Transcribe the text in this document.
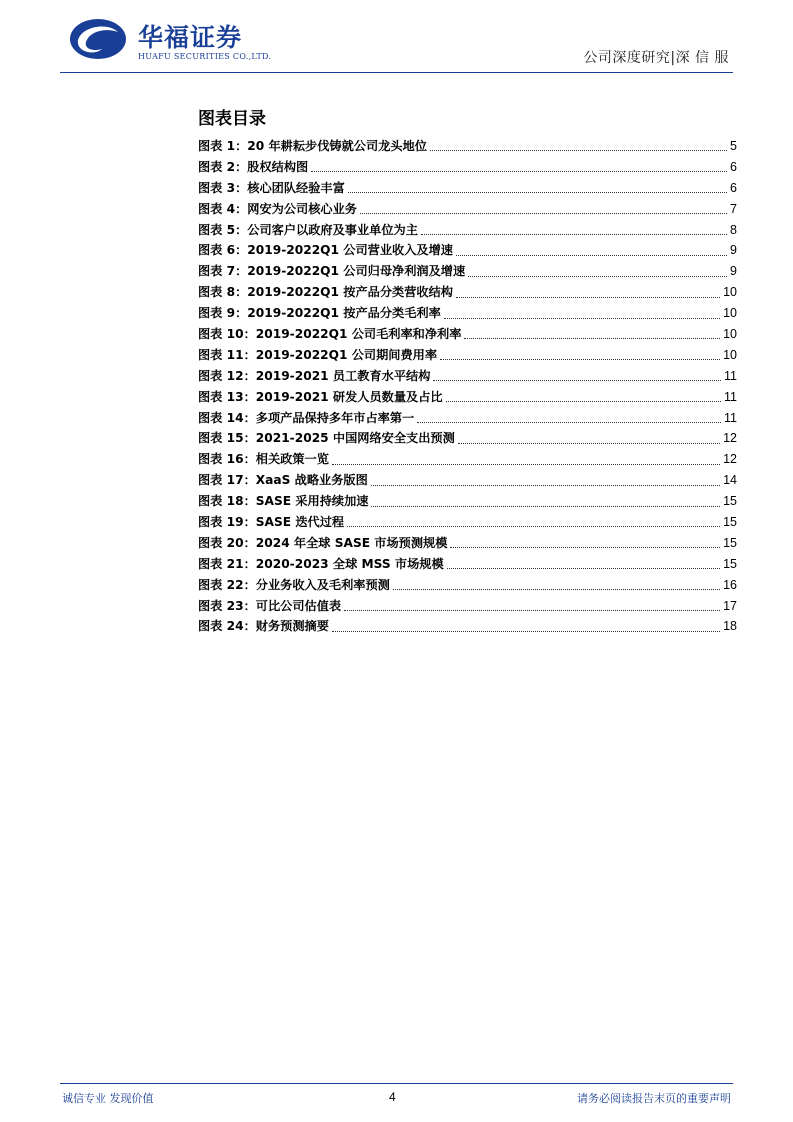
华福证券
HUAFU SECURITIES CO.,LTD.	公司深度研究|深 信 服
图表目录
图表 1：20 年耕耘步伐铸就公司龙头地位	5
图表 2：股权结构图	6
图表 3：核心团队经验丰富	6
图表 4：网安为公司核心业务	7
图表 5：公司客户以政府及事业单位为主	8
图表 6：2019-2022Q1 公司营业收入及增速	9
图表 7：2019-2022Q1 公司归母净利润及增速	9
图表 8：2019-2022Q1 按产品分类营收结构	10
图表 9：2019-2022Q1 按产品分类毛利率	10
图表 10：2019-2022Q1 公司毛利率和净利率	10
图表 11：2019-2022Q1 公司期间费用率	10
图表 12：2019-2021 员工教育水平结构	11
图表 13：2019-2021 研发人员数量及占比	11
图表 14：多项产品保持多年市占率第一	11
图表 15：2021-2025 中国网络安全支出预测	12
图表 16：相关政策一览	12
图表 17：XaaS 战略业务版图	14
图表 18：SASE 采用持续加速	15
图表 19：SASE 迭代过程	15
图表 20：2024 年全球 SASE 市场预测规模	15
图表 21：2020-2023 全球 MSS 市场规模	15
图表 22：分业务收入及毛利率预测	16
图表 23：可比公司估值表	17
图表 24：财务预测摘要	18
诚信专业 发现价值	4	请务必阅读报告末页的重要声明
